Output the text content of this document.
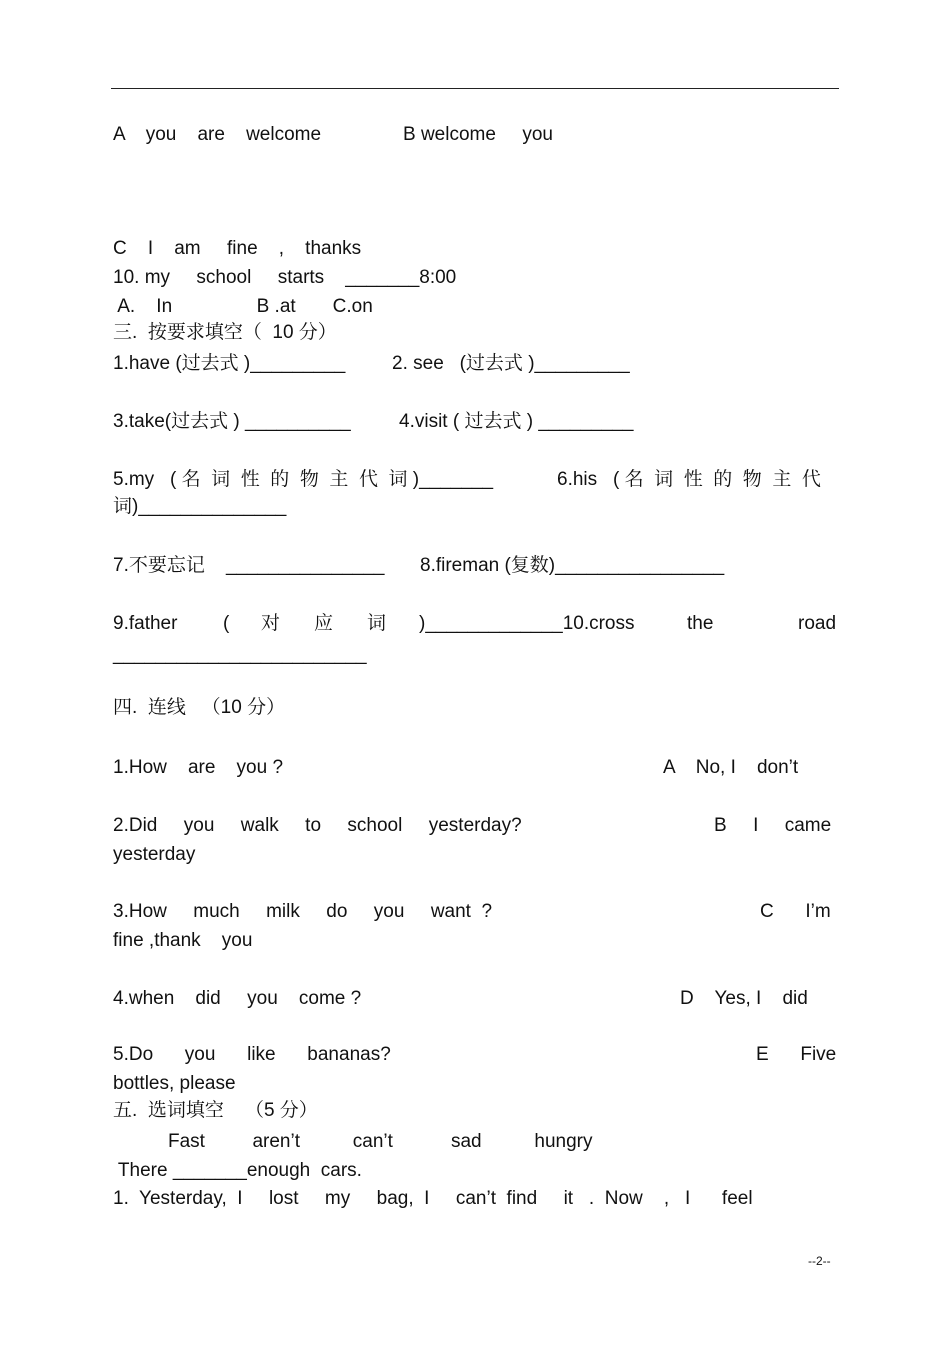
A    you    are    welcome	B welcome     you
C    I    am     fine    ,    thanks
10. my     school     starts    _______8:00
A.    In                B .at       C.on
三.  按要求填空（  10 分）
1.have (过去式 )_________ 2. see   (过去式 )_________
3.take(过去式 ) __________	4.visit ( 过去式 ) _________
5.my   ( 名  词  性  的  物  主  代  词 )_______	6.his   ( 名  词  性  的  物  主  代
词)______________
7.不要忘记    _______________ 8.fireman (复数)________________
9.father ( 对 应 词 )_____________10.cross	the	road
________________________
四.  连线   （10 分）
1.How    are    you ?	A    No, I    don’t
2.Did     you     walk     to     school     yesterday?	B     I     came
yesterday
3.How     much     milk     do     you     want  ?	C      I’m
fine ,thank    you
4.when    did     you    come ?	D    Yes, I    did
5.Do      you      like      bananas?	E      Five
bottles, please
五.  选词填空    （5 分）
Fast         aren’t          can’t           sad          hungry
There _______enough  cars.
1.  Yesterday,  I     lost     my     bag,  I     can’t  find     it   .  Now    ,   I      feel
--2--
